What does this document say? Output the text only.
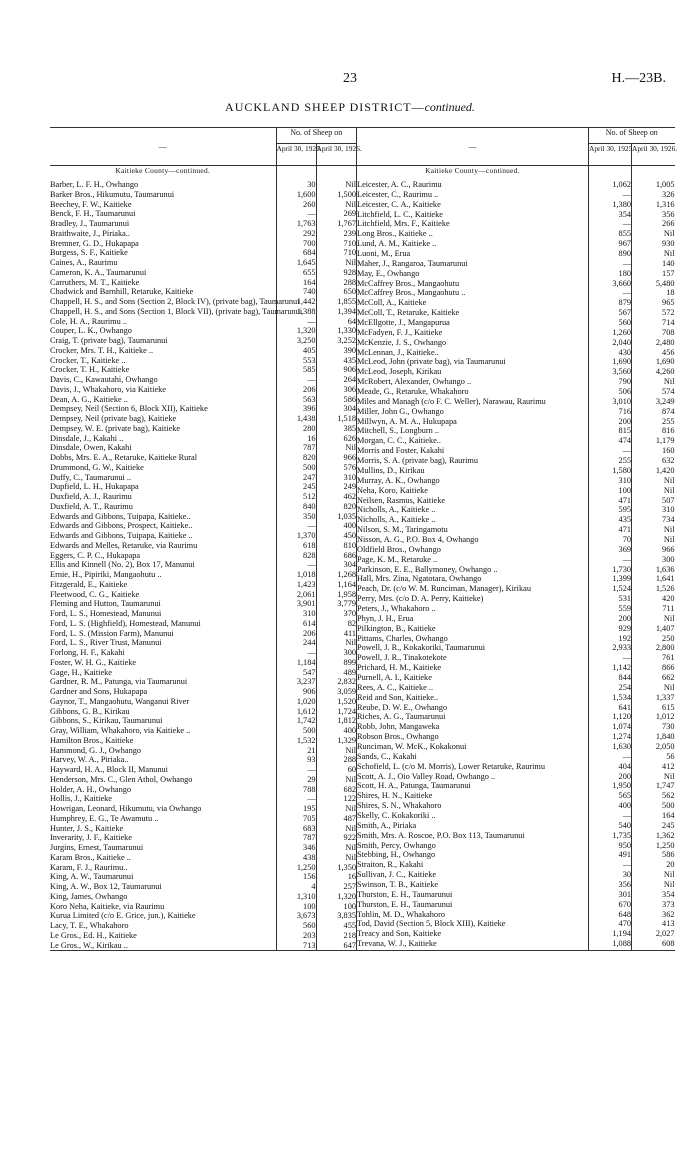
23	H.—23B.
AUCKLAND SHEEP DISTRICT—continued.
—	No. of Sheep on	
	April 30, 1925.	April 30, 1926.
Kaitieke County—continued.		
Barber, L. F. H., Owhango	30	Nil
Barker Bros., Hikumutu, Taumarunui	1,600	1,500
Beechey, F. W., Kaitieke	260	Nil
Benck, F. H., Taumarunui	—	269
Bradley, J., Taumarunui	1,763	1,767
Braithwaite, J., Piriaka..	292	239
Bremner, G. D., Hukapapa	700	710
Burgess, S. F., Kaitieke	684	710
Caines, A., Raurimu	1,645	Nil
Cameron, K. A., Taumarunui	655	928
Carruthers, M. T., Kaitieke	164	288
Chadwick and Barnhill, Retaruke, Kaitieke	740	650
Chappell, H. S., and Sons (Section 2, Block IV), (private bag), Taumarunui	1,442	1,855
Chappell, H. S., and Sons (Section 1, Block VII), (private bag), Taumarunui	1,388	1,394
Cole, H. A., Raurimu ..	—	64
Couper, L. K., Owhango	1,320	1,330
Craig, T. (private bag), Taumarunui	3,250	3,252
Crocker, Mrs. T. H., Kaitieke ..	405	390
Crocker, T., Kaitieke ..	553	435
Crocker, T. H., Kaitieke	585	906
Davis, C., Kawautahi, Owhango	—	264
Davis, J., Whakahoro, via Kaitieke	206	306
Dean, A. G., Kaitieke ..	563	586
Dempsey, Neil (Section 6, Block XII), Kaitieke	396	304
Dempsey, Neil (private bag), Kaitieke	1,438	1,518
Dempsey, W. E. (private bag), Kaitieke	280	385
Dinsdale, J., Kakahi ..	16	626
Dinsdale, Owen, Kakahi	787	Nil
Dobbs, Mrs. E. A., Retaruke, Kaitieke Rural	820	966
Drummond, G. W., Kaitieke	500	576
Duffy, C., Taumarunui ..	247	310
Dupfield, L. H., Hukapapa	245	249
Duxfield, A. J., Raurimu	512	462
Duxfield, A. T., Raurimu	840	820
Edwards and Gibbons, Tuipapa, Kaitieke..	350	1,035
Edwards and Gibbons, Prospect, Kaitieke..	—	400
Edwards and Gibbons, Tuipapa, Kaitieke ..	1,370	450
Edwards and Melles, Retaruke, via Raurimu	618	810
Eggers, C. P. C., Hukapapa	828	686
Ellis and Kinnell (No. 2), Box 17, Manunui	—	304
Ernie, H., Pipiriki, Mangaohutu ..	1,018	1,268
Fitzgerald, E., Kaitieke	1,423	1,164
Fleetwood, C. G., Kaitieke	2,061	1,958
Fleming and Hutton, Taumarunui	3,901	3,779
Ford, L. S., Homestead, Manunui	310	370
Ford, L. S. (Highfield), Homestead, Manunui	614	82
Ford, L. S. (Mission Farm), Manunui	206	411
Ford, L. S., River Trust, Manunui	244	Nil
Forlong, H. F., Kakahi	—	300
Foster, W. H. G., Kaitieke	1,184	899
Gage, H., Kaitieke	547	489
Gardner, R. M., Patunga, via Taumarunui	3,237	2,832
Gardner and Sons, Hukapapa	906	3,059
Gaynor, T., Mangaohutu, Wanganui River	1,020	1,520
Gibbons, G. B., Kirikau	1,612	1,724
Gibbons, S., Kirikau, Taumarunui	1,742	1,812
Gray, William, Whakahoro, via Kaitieke ..	500	400
Hamilton Bros., Kaitieke	1,532	1,329
Hammond, G. J., Owhango	21	Nil
Harvey, W. A., Piriaka..	93	288
Hayward, H. A., Block II, Manunui	—	60
Henderson, Mrs. C., Glen Athol, Owhango	29	Nil
Holder, A. H., Owhango	788	682
Hollis, J., Kaitieke	—	122
Howrigan, Leonard, Hikumutu, via Owhango	195	Nil
Humphrey, E. G., Te Awamutu ..	705	487
Hunter, J. S., Kaitieke	683	Nil
Inverarity, J. F., Kaitieke	787	922
Jurgins, Ernest, Taumarunui	346	Nil
Karam Bros., Kaitieke ..	438	Nil
Karam, F. J., Raurimu..	1,250	1,350
King, A. W., Taumarunui	156	16
King, A. W., Box 12, Taumarunui	4	257
King, James, Owhango	1,310	1,320
Koro Neha, Kaitieke, via Raurimu	100	100
Kurua Limited (c/o E. Grice, jun.), Kaitieke	3,673	3,835
Lacy, T. E., Whakahoro	560	455
Le Gros., Ed. H., Kaitieke	203	218
Le Gros., W., Kirikau ..	713	647
—	No. of Sheep on	
	April 30, 1925.	April 30, 1926.
Kaitieke County—continued.		
Leicester, A. C., Raurimu	1,062	1,005
Leicester, C., Raurimu ..	—	326
Leicester, C. A., Kaitieke	1,380	1,316
Litchfield, L. C., Kaitieke	354	356
Litchfield, Mrs. F., Kaitieke	—	266
Long Bros., Kaitieke ..	855	Nil
Lund, A. M., Kaitieke ..	967	930
Luoni, M., Erua	890	Nil
Maher, J., Rangaroa, Taumarunui	—	140
May, E., Owhango	180	157
McCaffrey Bros., Mangaohutu	3,660	5,480
McCaffrey Bros., Mangaohutu ..	—	18
McColl, A., Kaitieke	879	965
McColl, T., Retaruke, Kaitieke	567	572
McEllgotte, J., Mangapurua	560	714
McFadyen, F. J., Kaitieke	1,260	708
McKenzie, J. S., Owhango	2,040	2,480
McLennan, J., Kaitieke..	430	456
McLeod, John (private bag), via Taumarunui	1,690	1,690
McLeod, Joseph, Kirikau	3,560	4,260
McRobert, Alexander, Owhango ..	790	Nil
Meade, G., Retaruke, Whakahoro	506	574
Miles and Managh (c/o F. C. Weller), Narawau, Raurimu	3,010	3,249
Miller, John G., Owhango	716	874
Millwyn, A. M. A., Hukupapa	200	255
Mitchell, S., Longburn ..	815	816
Morgan, C. C., Kaitieke..	474	1,179
Morris and Foster, Kakahi	—	160
Morris, S. A. (private bag), Raurimu	255	632
Mullins, D., Kirikau	1,580	1,420
Murray, A. K., Owhango	310	Nil
Neha, Koro, Kaitieke	100	Nil
Neilsen, Rasmus, Kaitieke	471	507
Nicholls, A., Kaitieke ..	595	310
Nicholls, A., Kaitieke ..	435	734
Nilson, S. M., Taringamotu	471	Nil
Nisson, A. G., P.O. Box 4, Owhango	70	Nil
Oldfield Bros., Owhango	369	966
Page, K. M., Retaruke ..	—	300
Parkinson, E. E., Ballymoney, Owhango ..	1,730	1,636
Hall, Mrs. Zina, Ngatotara, Owhango	1,399	1,641
Peach, Dr. (c/o W. M. Runciman, Manager), Kirikau	1,524	1,526
Perry, Mrs. (c/o D. A. Perry, Kaitieke)	531	420
Peters, J., Whakahoro ..	559	711
Phyn, J. H., Erua	200	Nil
Pilkington, B., Kaitieke	929	1,407
Pittams, Charles, Owhango	192	250
Powell, J. R., Kokakoriki, Taumarunui	2,933	2,800
Powell, J. R., Tinakotekote	—	761
Prichard, H. M., Kaitieke	1,142	866
Purnell, A. I., Kaitieke	844	662
Rees, A. C., Kaitieke ..	254	Nil
Reid and Son, Kaitieke..	1,534	1,337
Reube, D. W. E., Owhango	641	615
Riches, A. G., Taumarunui	1,120	1,012
Robb, John, Mangaweka	1,074	730
Robson Bros., Owhango	1,274	1,840
Runciman, W. McK., Kokakonui	1,630	2,050
Sands, C., Kakahi	—	56
Schofield, L. (c/o M. Morris), Lower Retaruke, Raurimu	404	412
Scott, A. J., Oio Valley Road, Owhango ..	200	Nil
Scott, H. A., Patunga, Taumarunui	1,950	1,747
Shires, H. N., Kaitieke	565	562
Shires, S. N., Whakahoro	400	500
Skelly, C. Kokakoriki ..	—	164
Smith, A., Piriaka	540	245
Smith, Mrs. A. Roscoe, P.O. Box 113, Taumarunui	1,735	1,362
Smith, Percy, Owhango	950	1,250
Stebbing, H., Owhango	491	586
Straiton, R., Kakahi	—	20
Sullivan, J. C., Kaitieke	30	Nil
Swinson, T. B., Kaitieke	356	Nil
Thurston, E. H., Taumarunui	301	354
Thurston, E. H., Taumarunui	670	373
Tohlin, M. D., Whakahoro	648	362
Tod, David (Section 5, Block XIII), Kaitieke	470	413
Treacy and Son, Kaitieke	1,194	2,027
Trevana, W. J., Kaitieke	1,088	608
